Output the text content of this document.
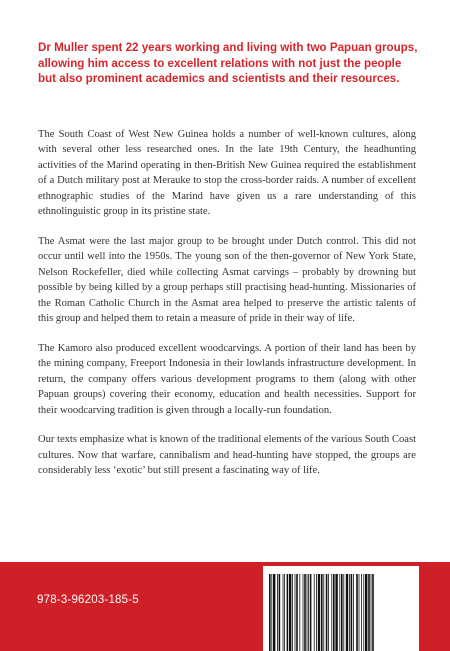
Dr Muller spent 22 years working and living with two Papuan groups, allowing him access to excellent relations with not just the people but also prominent academics and scientists and their resources.

The South Coast of West New Guinea holds a number of well-known cultures, along with several other less researched ones. In the late 19th Century, the headhunting activities of the Marind operating in then-British New Guinea required the establishment of a Dutch military post at Merauke to stop the cross-border raids. A number of excellent ethnographic studies of the Marind have given us a rare understanding of this ethnolinguistic group in its pristine state.

The Asmat were the last major group to be brought under Dutch control. This did not occur until well into the 1950s. The young son of the then-governor of New York State, Nelson Rockefeller, died while collecting Asmat carvings – probably by drowning but possible by being killed by a group perhaps still practising head-hunting. Missionaries of the Roman Catholic Church in the Asmat area helped to preserve the artistic talents of this group and helped them to retain a measure of pride in their way of life.

The Kamoro also produced excellent woodcarvings. A portion of their land has been by the mining company, Freeport Indonesia in their lowlands infrastructure development. In return, the company offers various development programs to them (along with other Papuan groups) covering their economy, education and health necessities. Support for their woodcarving tradition is given through a locally-run foundation.

Our texts emphasize what is known of the traditional elements of the various South Coast cultures. Now that warfare, cannibalism and head-hunting have stopped, the groups are considerably less ‘exotic’ but still present a fascinating way of life.

978-3-96203-185-5
